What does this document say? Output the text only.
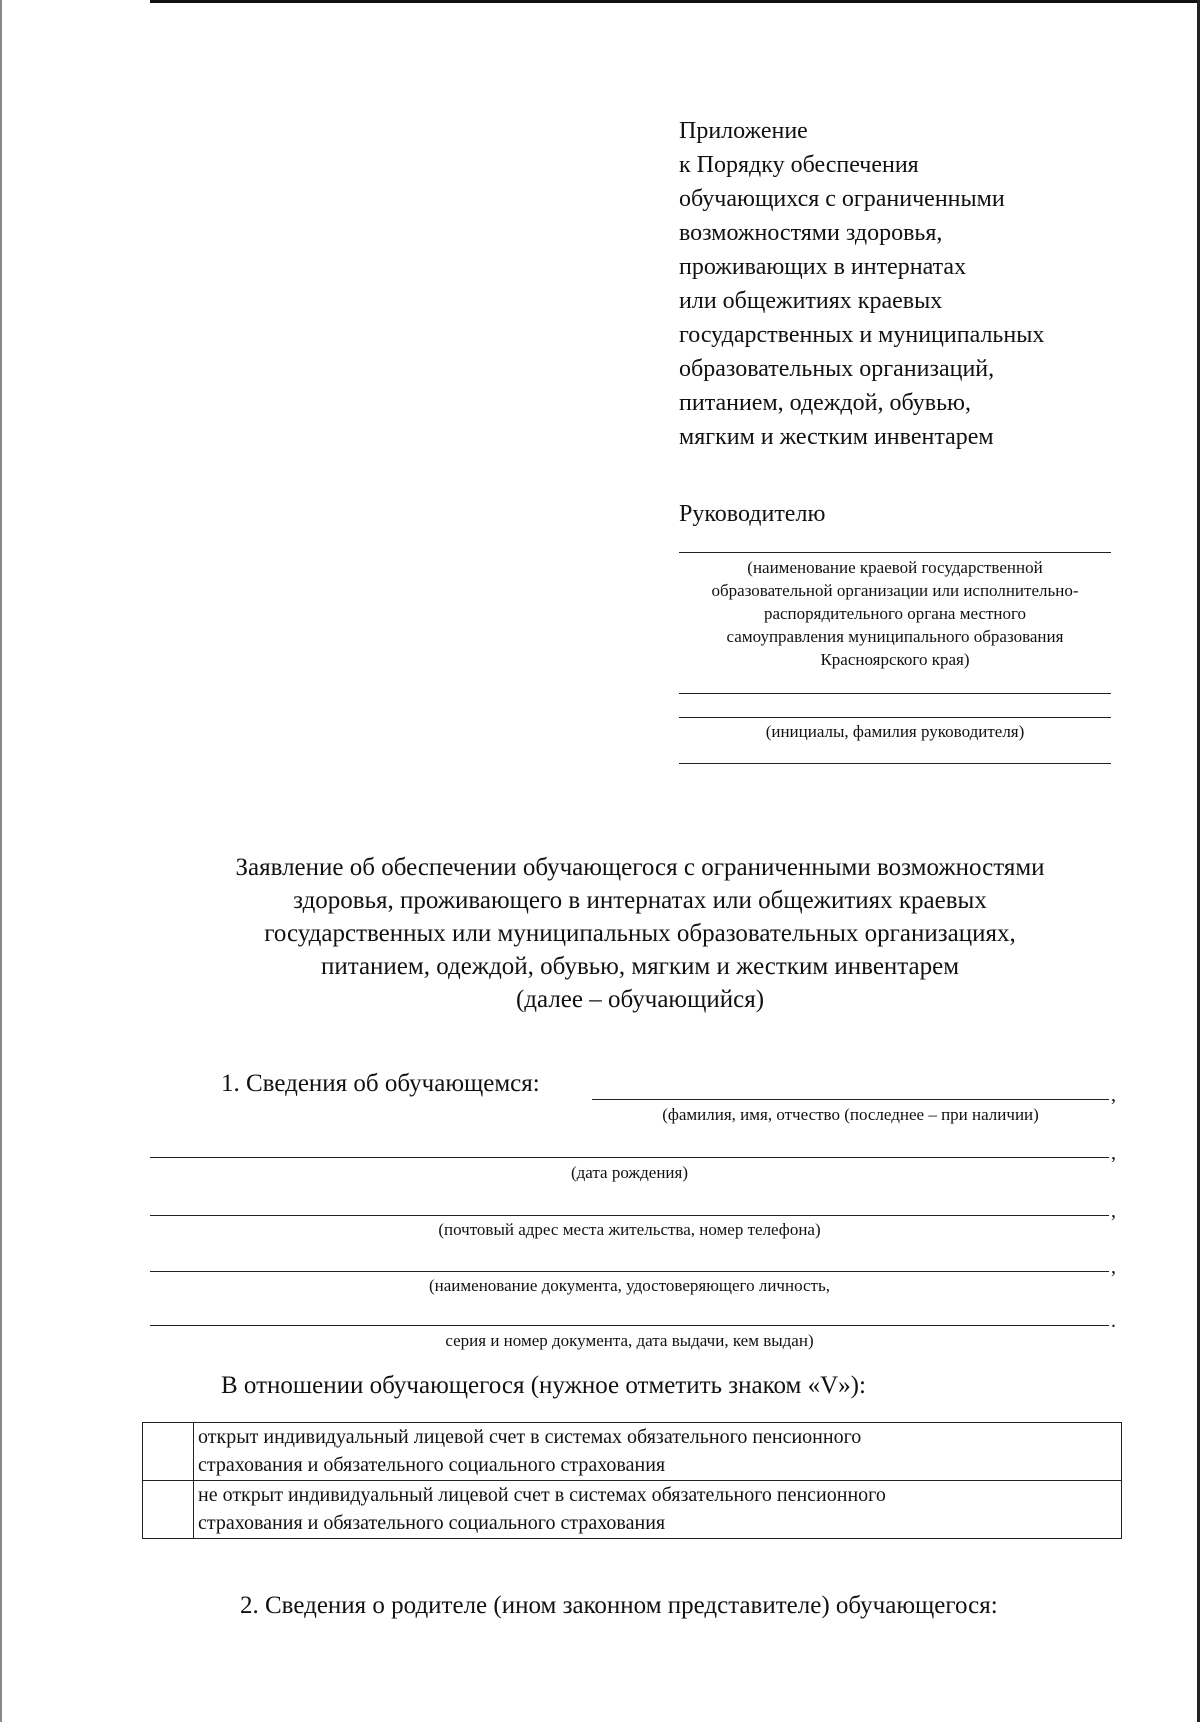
Приложение
к Порядку обеспечения
обучающихся с ограниченными
возможностями здоровья,
проживающих в интернатах
или общежитиях краевых
государственных и муниципальных
образовательных организаций,
питанием, одеждой, обувью,
мягким и жестким инвентарем
Руководителю
(наименование краевой государственной
образовательной организации или исполнительно-
распорядительного органа местного
самоуправления муниципального образования
Красноярского края)
(инициалы, фамилия руководителя)
Заявление об обеспечении обучающегося с ограниченными возможностями
здоровья, проживающего в интернатах или общежитиях краевых
государственных или муниципальных образовательных организациях,
питанием, одеждой, обувью, мягким и жестким инвентарем
(далее – обучающийся)
1. Сведения об обучающемся:	,
(фамилия, имя, отчество (последнее – при наличии)
,
(дата рождения)
,
(почтовый адрес места жительства, номер телефона)
,
(наименование документа, удостоверяющего личность,
.
серия и номер документа, дата выдачи, кем выдан)
В отношении обучающегося (нужное отметить знаком «V»):

	открыт индивидуальный лицевой счет в системах обязательного пенсионного
страхования и обязательного социального страхования

	не открыт индивидуальный лицевой счет в системах обязательного пенсионного
страхования и обязательного социального страхования
2. Сведения о родителе (ином законном представителе) обучающегося:
